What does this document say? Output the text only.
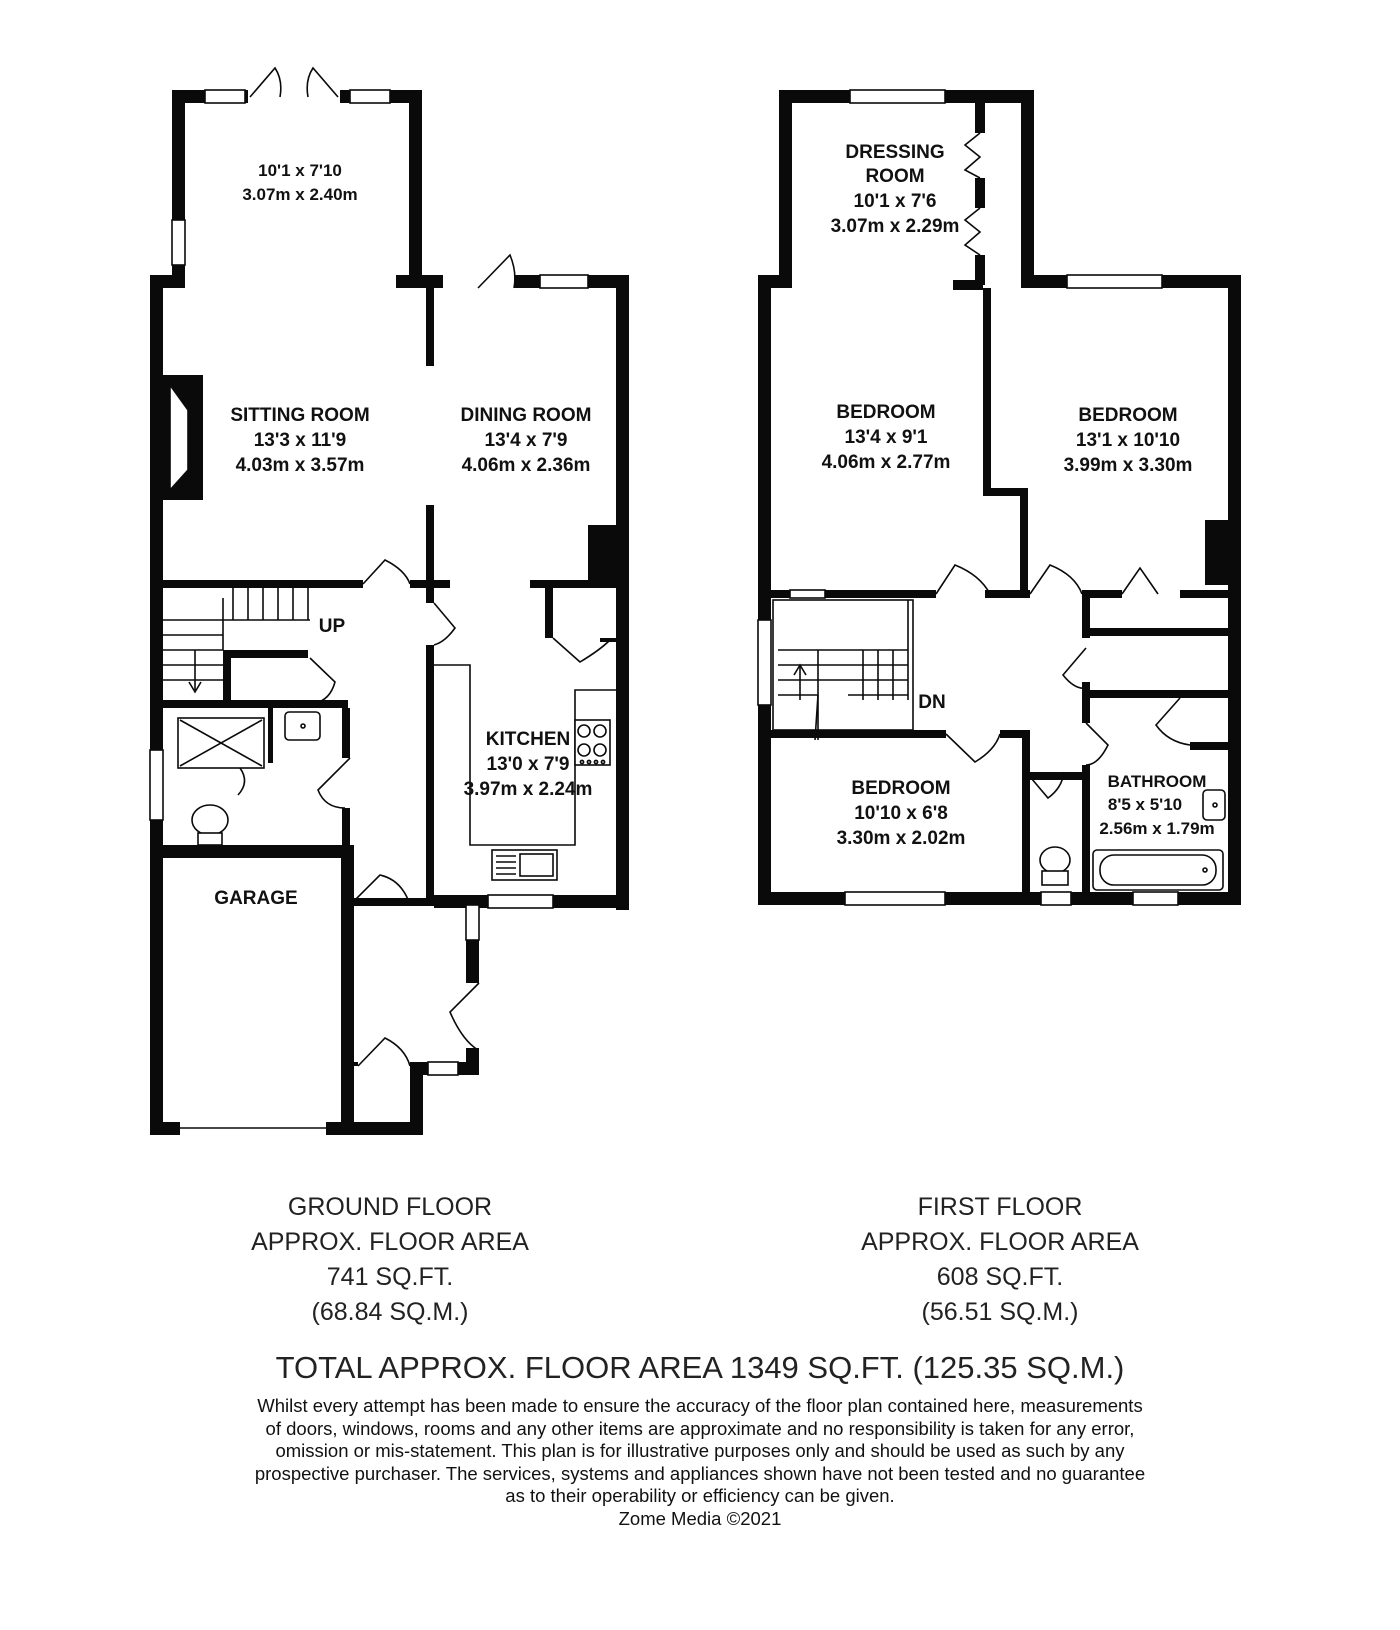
10'1 x 7'10
3.07m x 2.40m
SITTING ROOM
13'3 x 11'9
4.03m x 3.57m
DINING ROOM
13'4 x 7'9
4.06m x 2.36m
KITCHEN
13'0 x 7'9
3.97m x 2.24m
GARAGE
UP
DN
DRESSING
ROOM
10'1 x 7'6
3.07m x 2.29m
BEDROOM
13'4 x 9'1
4.06m x 2.77m
BEDROOM
13'1 x 10'10
3.99m x 3.30m
BEDROOM
10'10 x 6'8
3.30m x 2.02m
BATHROOM
8'5 x 5'10
2.56m x 1.79m
GROUND FLOOR
APPROX. FLOOR AREA
741 SQ.FT.
(68.84 SQ.M.)
FIRST FLOOR
APPROX. FLOOR AREA
608 SQ.FT.
(56.51 SQ.M.)
TOTAL APPROX. FLOOR AREA 1349 SQ.FT. (125.35 SQ.M.)
Whilst every attempt has been made to ensure the accuracy of the floor plan contained here, measurements
of doors, windows, rooms and any other items are approximate and no responsibility is taken for any error,
omission or mis-statement. This plan is for illustrative purposes only and should be used as such by any
prospective purchaser. The services, systems and appliances shown have not been tested and no guarantee
as to their operability or efficiency can be given.
Zome Media ©2021
